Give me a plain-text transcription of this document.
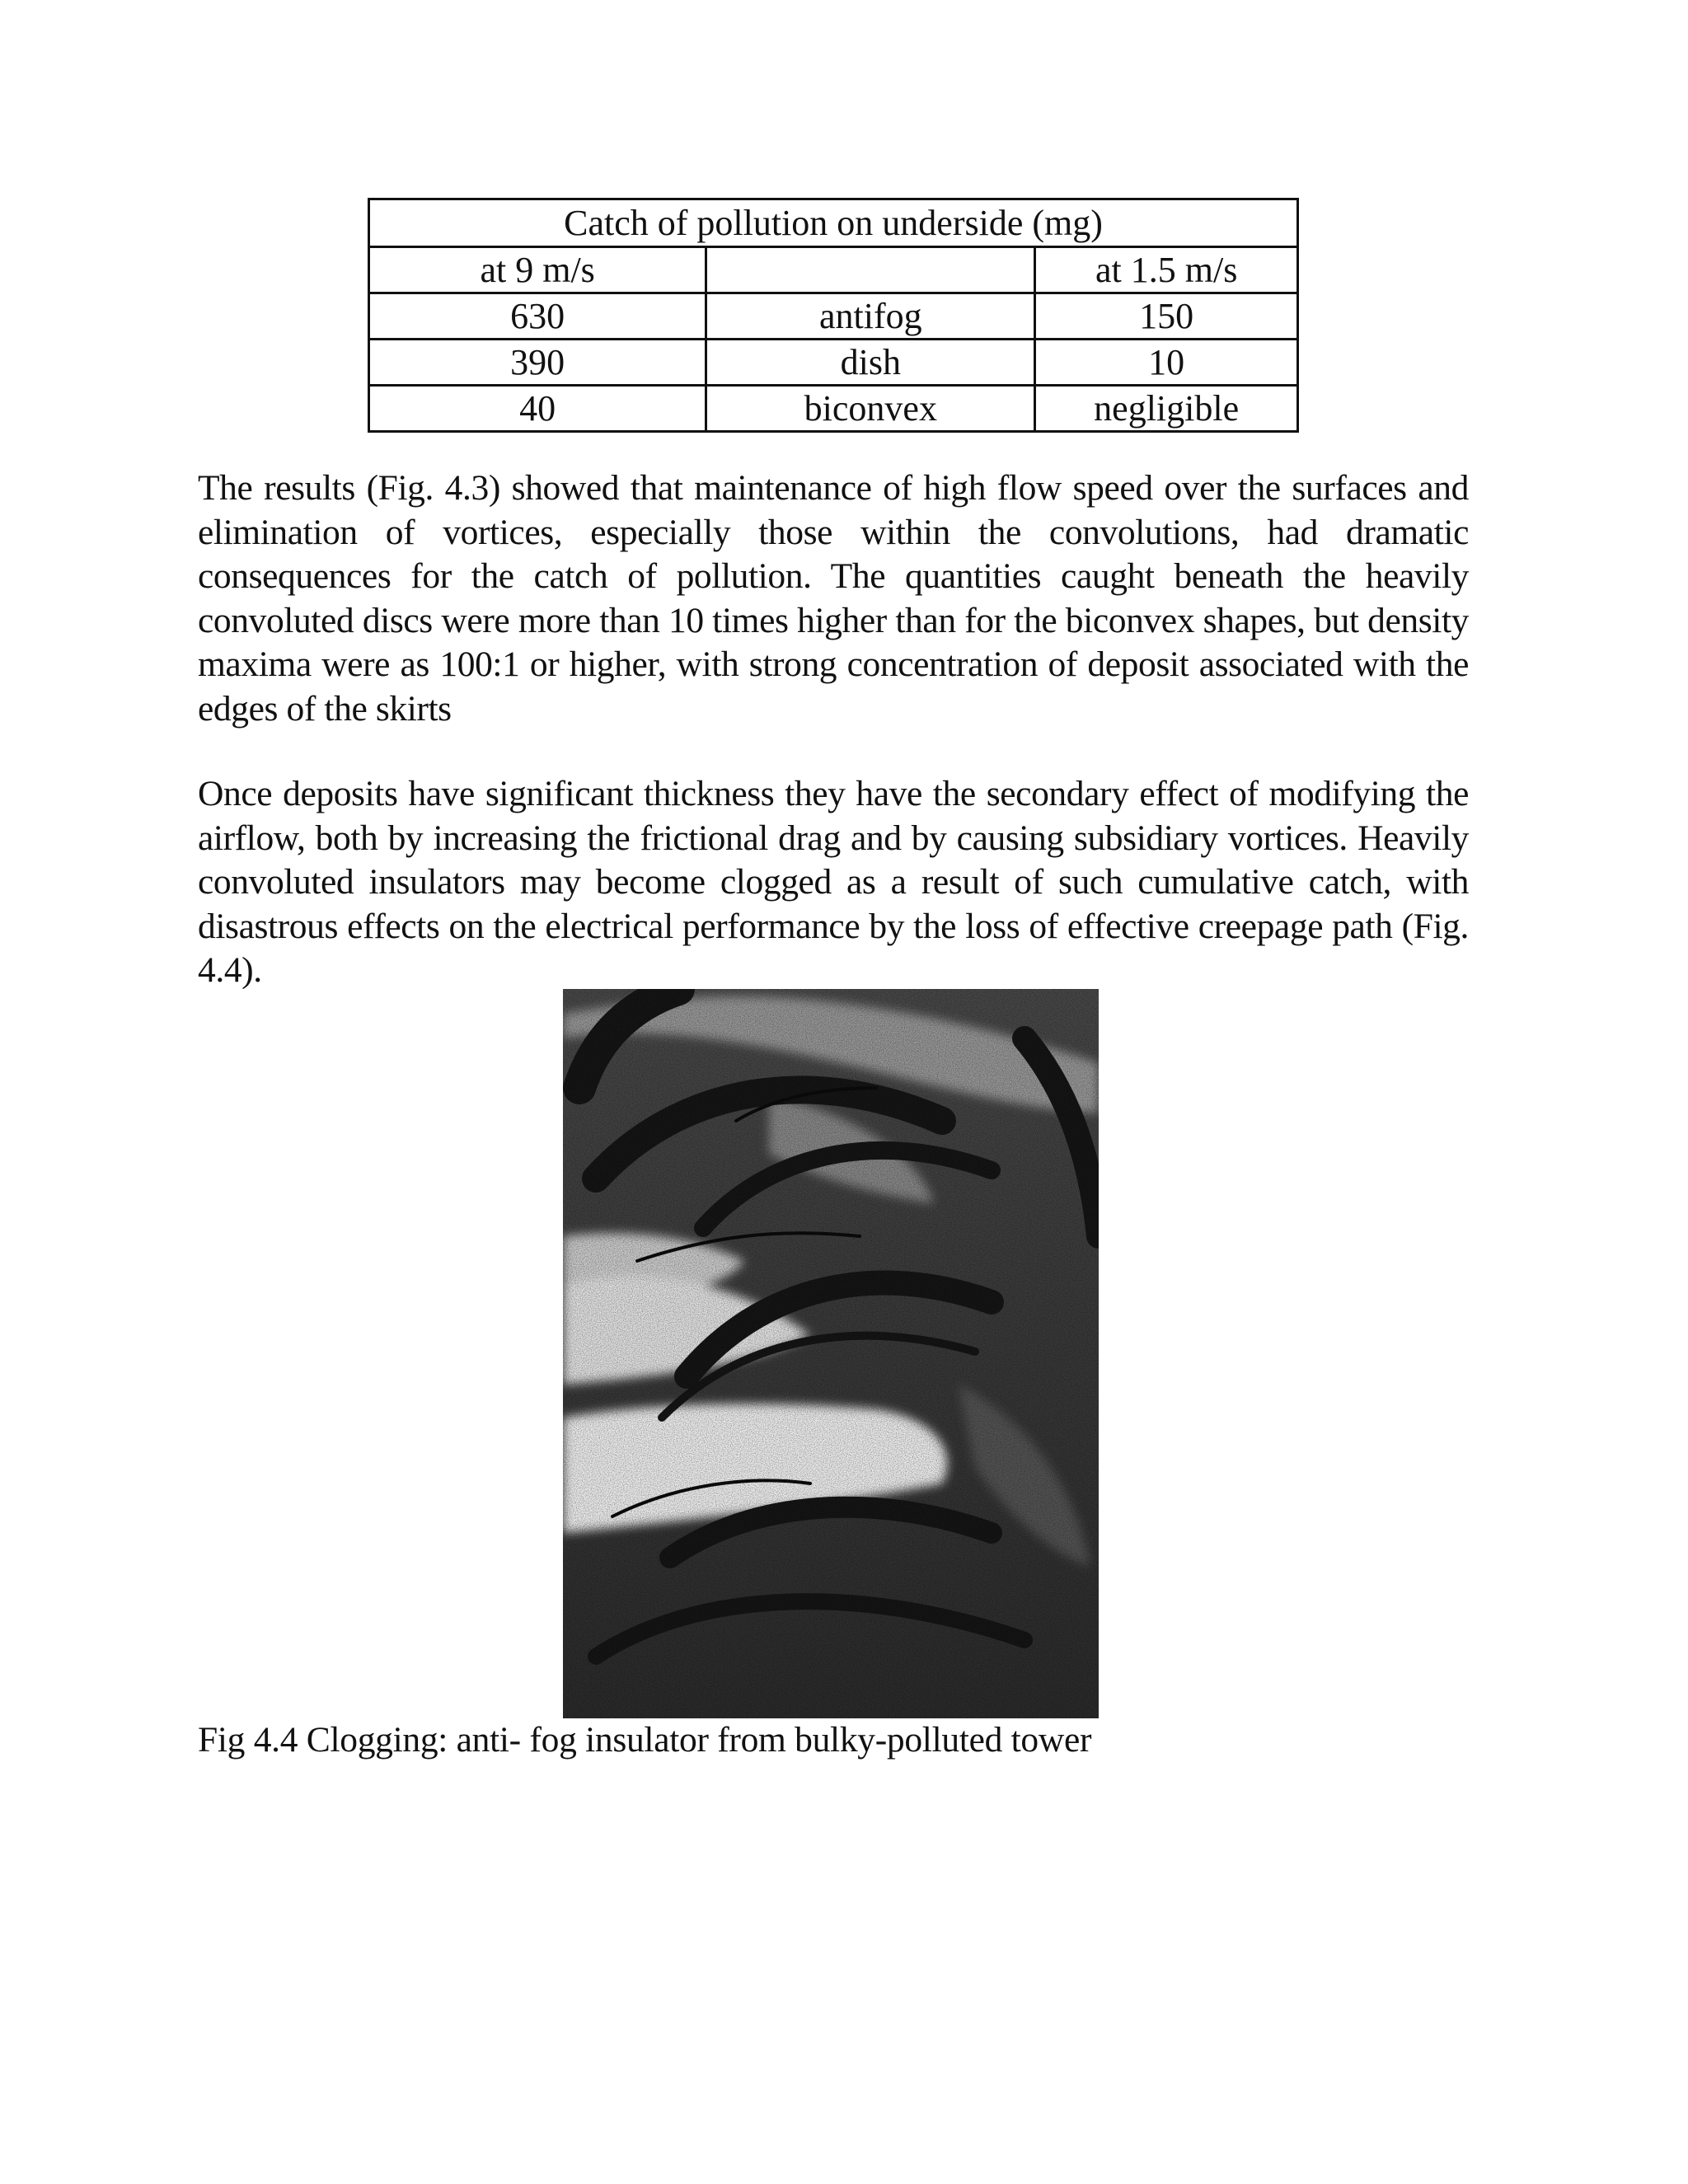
Catch of pollution on underside (mg)		
at 9 m/s		at 1.5 m/s
630	antifog	150
390	dish	10
40	biconvex	negligible

The results (Fig. 4.3) showed that maintenance of high flow speed over the surfaces and elimination of vortices, especially those within the convolutions, had dramatic consequences for the catch of pollution. The quantities caught beneath the heavily convoluted discs were more than 10 times higher than for the biconvex shapes, but density maxima were as 100:1 or higher, with strong concentration of deposit associated with the edges of the skirts

Once deposits have significant thickness they have the secondary effect of modifying the airflow, both by increasing the frictional drag and by causing subsidiary vortices. Heavily convoluted insulators may become clogged as a result of such cumulative catch, with disastrous effects on the electrical performance by the loss of effective creepage path (Fig. 4.4).

Fig 4.4 Clogging: anti- fog insulator from bulky-polluted tower
